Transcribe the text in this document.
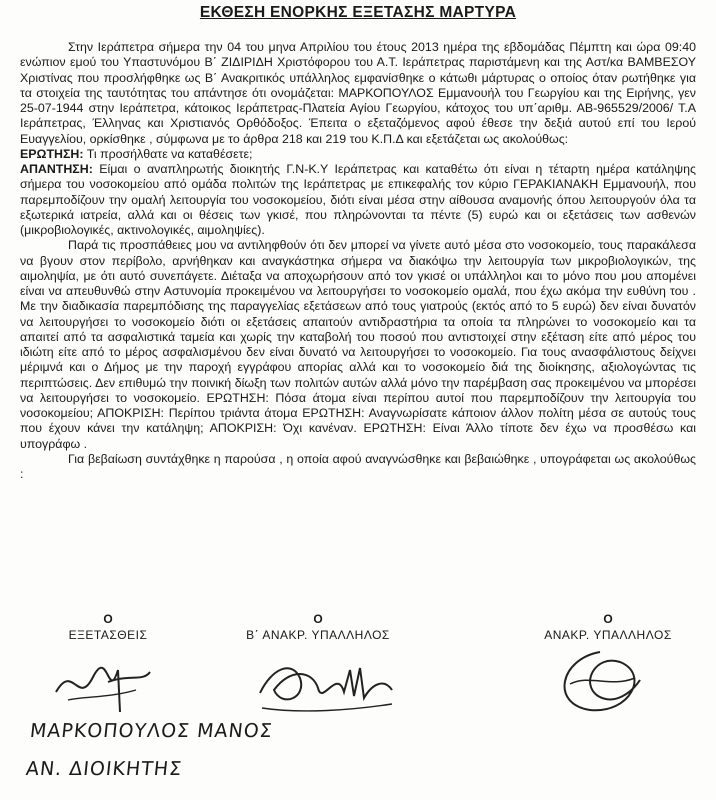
ΕΚΘΕΣΗ ΕΝΟΡΚΗΣ ΕΞΕΤΑΣΗΣ ΜΑΡΤΥΡΑ

Στην Ιεράπετρα σήμερα την 04 του μηνα Απριλίου του έτους 2013 ημέρα της εβδομάδας Πέμπτη και ώρα 09:40 ενώπιον εμού του Υπαστυνόμου Β΄ ΖΙΔΙΡΙΔΗ Χριστόφορου του Α.Τ. Ιεράπετρας παριστάμενη και της Αστ/κα ΒΑΜΒΕΣΟΥ Χριστίνας που προσλήφθηκε ως Β΄ Ανακριτικός υπάλληλος εμφανίσθηκε ο κάτωθι μάρτυρας ο οποίος όταν ρωτήθηκε για τα στοιχεία της ταυτότητας του απάντησε ότι ονομάζεται: ΜΑΡΚΟΠΟΥΛΟΣ Εμμανουήλ του Γεωργίου και της Ειρήνης, γεν 25-07-1944 στην Ιεράπετρα, κάτοικος Ιεράπετρας-Πλατεία Αγίου Γεωργίου, κάτοχος του υπ΄αριθμ. ΑΒ-965529/2006/ Τ.Α Ιεράπετρας, Έλληνας και Χριστιανός Ορθόδοξος. Έπειτα ο εξεταζόμενος αφού έθεσε την δεξιά αυτού επί του Ιερού Ευαγγελίου, ορκίσθηκε , σύμφωνα με το άρθρα 218 και 219 του Κ.Π.Δ και εξετάζεται ως ακολούθως:

ΕΡΩΤΗΣΗ: Τι προσήλθατε να καταθέσετε;

ΑΠΑΝΤΗΣΗ: Είμαι ο αναπληρωτής διοικητής Γ.Ν-Κ.Υ Ιεράπετρας και καταθέτω ότι είναι η τέταρτη ημέρα κατάληψης σήμερα του νοσοκομείου από ομάδα πολιτών της Ιεράπετρας με επικεφαλής τον κύριο ΓΕΡΑΚΙΑΝΑΚΗ Εμμανουήλ, που παρεμποδίζουν την ομαλή λειτουργία του νοσοκομείου, διότι είναι μέσα στην αίθουσα αναμονής όπου λειτουργούν όλα τα εξωτερικά ιατρεία, αλλά και οι θέσεις των γκισέ, που πληρώνονται τα πέντε (5) ευρώ και οι εξετάσεις των ασθενών (μικροβιολογικές, ακτινολογικές, αιμοληψίες).

Παρά τις προσπάθειες μου να αντιληφθούν ότι δεν μπορεί να γίνετε αυτό μέσα στο νοσοκομείο, τους παρακάλεσα να βγουν στον περίβολο, αρνήθηκαν και αναγκάστηκα σήμερα να διακόψω την λειτουργία των μικροβιολογικών, της αιμοληψία, με ότι αυτό συνεπάγετε. Διέταξα να αποχωρήσουν από τον γκισέ οι υπάλληλοι και το μόνο που μου απομένει είναι να απευθυνθώ στην Αστυνομία προκειμένου να λειτουργήσει το νοσοκομείο ομαλά, που έχω ακόμα την ευθύνη του . Με την διαδικασία παρεμπόδισης της παραγγελίας εξετάσεων από τους γιατρούς (εκτός από το 5 ευρώ) δεν είναι δυνατόν να λειτουργήσει το νοσοκομείο διότι οι εξετάσεις απαιτούν αντιδραστήρια τα οποία τα πληρώνει το νοσοκομείο και τα απαιτεί από τα ασφαλιστικά ταμεία και χωρίς την καταβολή του ποσού που αντιστοιχεί στην εξέταση είτε από μέρος του ιδιώτη είτε από το μέρος ασφαλισμένου δεν είναι δυνατό να λειτουργήσει το νοσοκομείο. Για τους ανασφάλιστους δείχνει μέριμνά και ο Δήμος με την παροχή εγγράφου απορίας αλλά και το νοσοκομείο διά της διοίκησης, αξιολογώντας τις περιπτώσεις. Δεν επιθυμώ την ποινική δίωξη των πολιτών αυτών αλλά μόνο την παρέμβαση σας προκειμένου να μπορέσει να λειτουργήσει το νοσοκομείο. ΕΡΩΤΗΣΗ: Πόσα άτομα είναι περίπου αυτοί που παρεμποδίζουν την λειτουργία του νοσοκομείου; ΑΠΟΚΡΙΣΗ: Περίπου τριάντα άτομα ΕΡΩΤΗΣΗ: Αναγνωρίσατε κάποιον άλλον πολίτη μέσα σε αυτούς τους που έχουν κάνει την κατάληψη; ΑΠΟΚΡΙΣΗ: Όχι κανέναν. ΕΡΩΤΗΣΗ: Είναι Άλλο τίποτε δεν έχω να προσθέσω και υπογράφω .

Για βεβαίωση συντάχθηκε η παρούσα , η οποία αφού αναγνώσθηκε και βεβαιώθηκε , υπογράφεται ως ακολούθως :

Ο
ΕΞΕΤΑΣΘΕΙΣ
Ο
Β΄ ΑΝΑΚΡ. ΥΠΑΛΛΗΛΟΣ
Ο
ΑΝΑΚΡ. ΥΠΑΛΛΗΛΟΣ
ΜΑΡΚΟΠΟΥΛΟΣ ΜΑΝΟΣ
ΑΝ. ΔΙΟΙΚΗΤΗΣ
